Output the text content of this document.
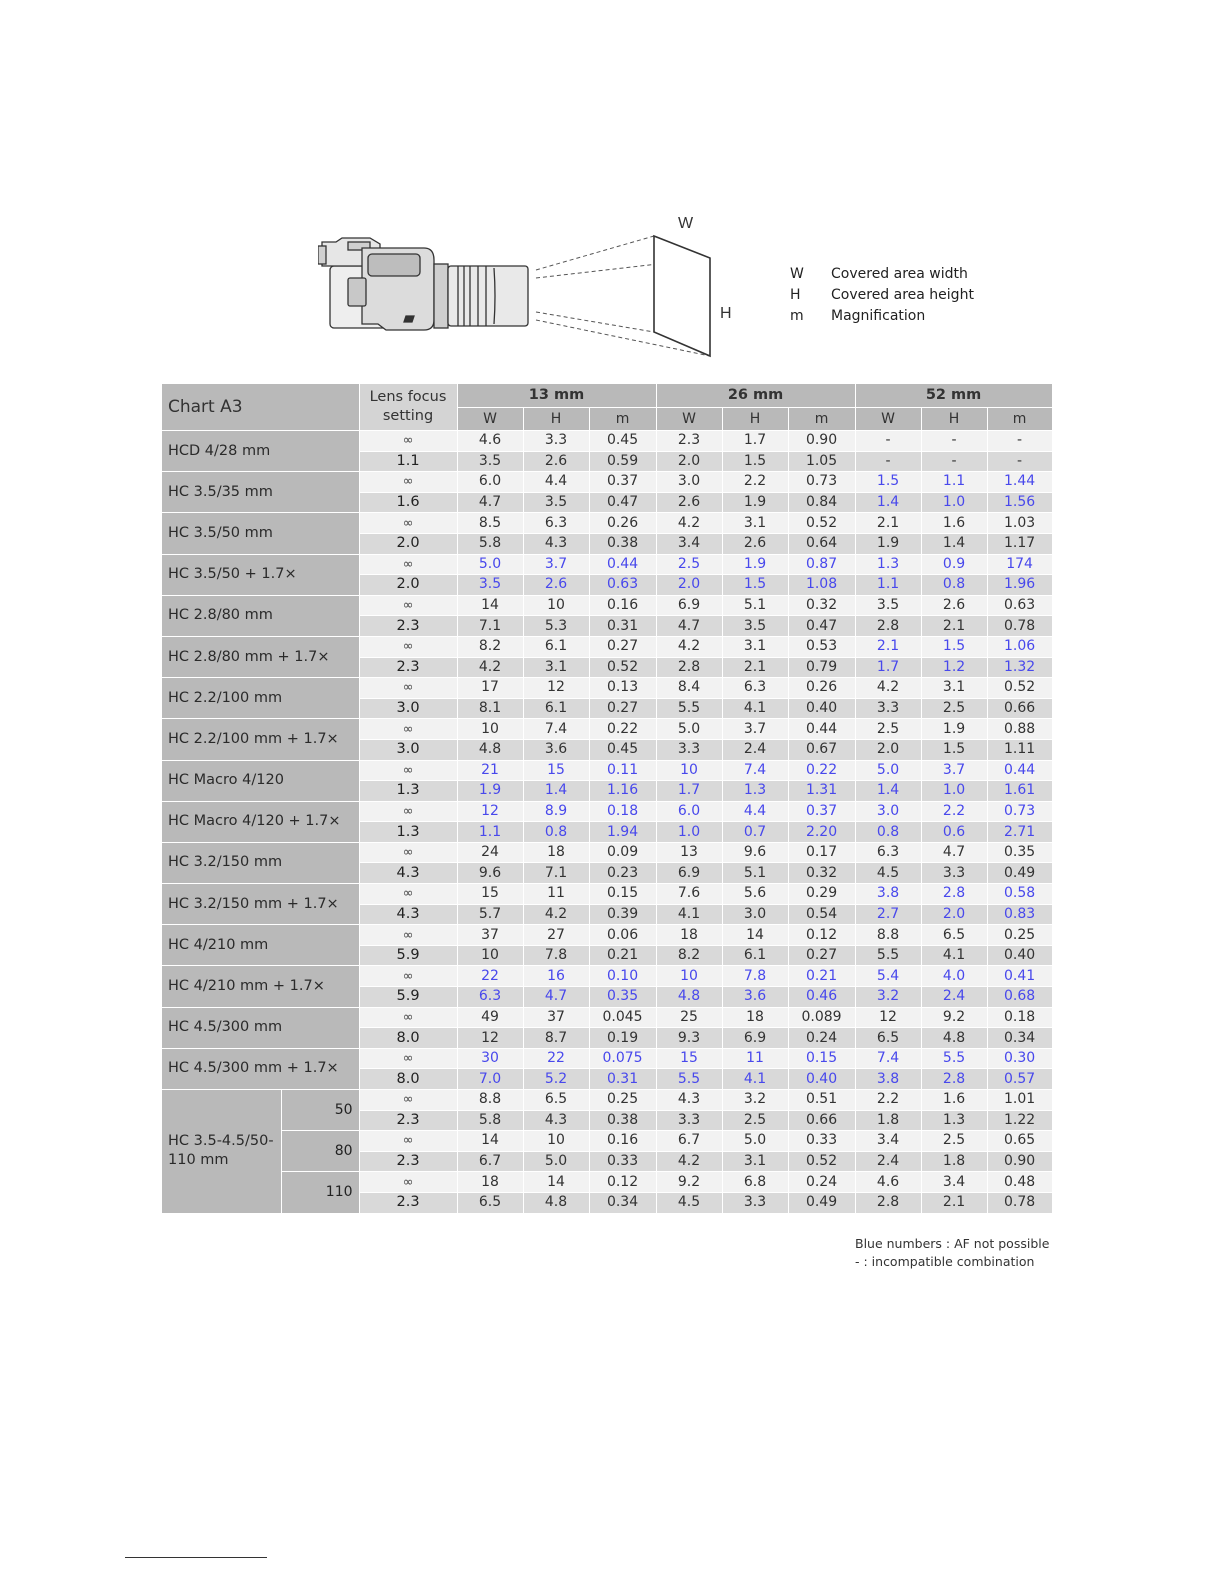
W
H
W	Covered area width
H	Covered area height
m	Magnification
Chart A3		Lens focus setting	13 mm			26 mm			52 mm		
			W	H	m	W	H	m	W	H	m
HCD 4/28 mm		∞	4.6	3.3	0.45	2.3	1.7	0.90	-	-	-
		1.1	3.5	2.6	0.59	2.0	1.5	1.05	-	-	-
HC 3.5/35 mm		∞	6.0	4.4	0.37	3.0	2.2	0.73	1.5	1.1	1.44
		1.6	4.7	3.5	0.47	2.6	1.9	0.84	1.4	1.0	1.56
HC 3.5/50 mm		∞	8.5	6.3	0.26	4.2	3.1	0.52	2.1	1.6	1.03
		2.0	5.8	4.3	0.38	3.4	2.6	0.64	1.9	1.4	1.17
HC 3.5/50 + 1.7×		∞	5.0	3.7	0.44	2.5	1.9	0.87	1.3	0.9	174
		2.0	3.5	2.6	0.63	2.0	1.5	1.08	1.1	0.8	1.96
HC 2.8/80 mm		∞	14	10	0.16	6.9	5.1	0.32	3.5	2.6	0.63
		2.3	7.1	5.3	0.31	4.7	3.5	0.47	2.8	2.1	0.78
HC 2.8/80 mm + 1.7×		∞	8.2	6.1	0.27	4.2	3.1	0.53	2.1	1.5	1.06
		2.3	4.2	3.1	0.52	2.8	2.1	0.79	1.7	1.2	1.32
HC 2.2/100 mm		∞	17	12	0.13	8.4	6.3	0.26	4.2	3.1	0.52
		3.0	8.1	6.1	0.27	5.5	4.1	0.40	3.3	2.5	0.66
HC 2.2/100 mm + 1.7×		∞	10	7.4	0.22	5.0	3.7	0.44	2.5	1.9	0.88
		3.0	4.8	3.6	0.45	3.3	2.4	0.67	2.0	1.5	1.11
HC Macro 4/120		∞	21	15	0.11	10	7.4	0.22	5.0	3.7	0.44
		1.3	1.9	1.4	1.16	1.7	1.3	1.31	1.4	1.0	1.61
HC Macro 4/120 + 1.7×		∞	12	8.9	0.18	6.0	4.4	0.37	3.0	2.2	0.73
		1.3	1.1	0.8	1.94	1.0	0.7	2.20	0.8	0.6	2.71
HC 3.2/150 mm		∞	24	18	0.09	13	9.6	0.17	6.3	4.7	0.35
		4.3	9.6	7.1	0.23	6.9	5.1	0.32	4.5	3.3	0.49
HC 3.2/150 mm + 1.7×		∞	15	11	0.15	7.6	5.6	0.29	3.8	2.8	0.58
		4.3	5.7	4.2	0.39	4.1	3.0	0.54	2.7	2.0	0.83
HC 4/210 mm		∞	37	27	0.06	18	14	0.12	8.8	6.5	0.25
		5.9	10	7.8	0.21	8.2	6.1	0.27	5.5	4.1	0.40
HC 4/210 mm + 1.7×		∞	22	16	0.10	10	7.8	0.21	5.4	4.0	0.41
		5.9	6.3	4.7	0.35	4.8	3.6	0.46	3.2	2.4	0.68
HC 4.5/300 mm		∞	49	37	0.045	25	18	0.089	12	9.2	0.18
		8.0	12	8.7	0.19	9.3	6.9	0.24	6.5	4.8	0.34
HC 4.5/300 mm + 1.7×		∞	30	22	0.075	15	11	0.15	7.4	5.5	0.30
		8.0	7.0	5.2	0.31	5.5	4.1	0.40	3.8	2.8	0.57
HC 3.5-4.5/50-110 mm	50	∞	8.8	6.5	0.25	4.3	3.2	0.51	2.2	1.6	1.01
		2.3	5.8	4.3	0.38	3.3	2.5	0.66	1.8	1.3	1.22
	80	∞	14	10	0.16	6.7	5.0	0.33	3.4	2.5	0.65
		2.3	6.7	5.0	0.33	4.2	3.1	0.52	2.4	1.8	0.90
	110	∞	18	14	0.12	9.2	6.8	0.24	4.6	3.4	0.48
		2.3	6.5	4.8	0.34	4.5	3.3	0.49	2.8	2.1	0.78
Blue numbers : AF not possible
- : incompatible combination
